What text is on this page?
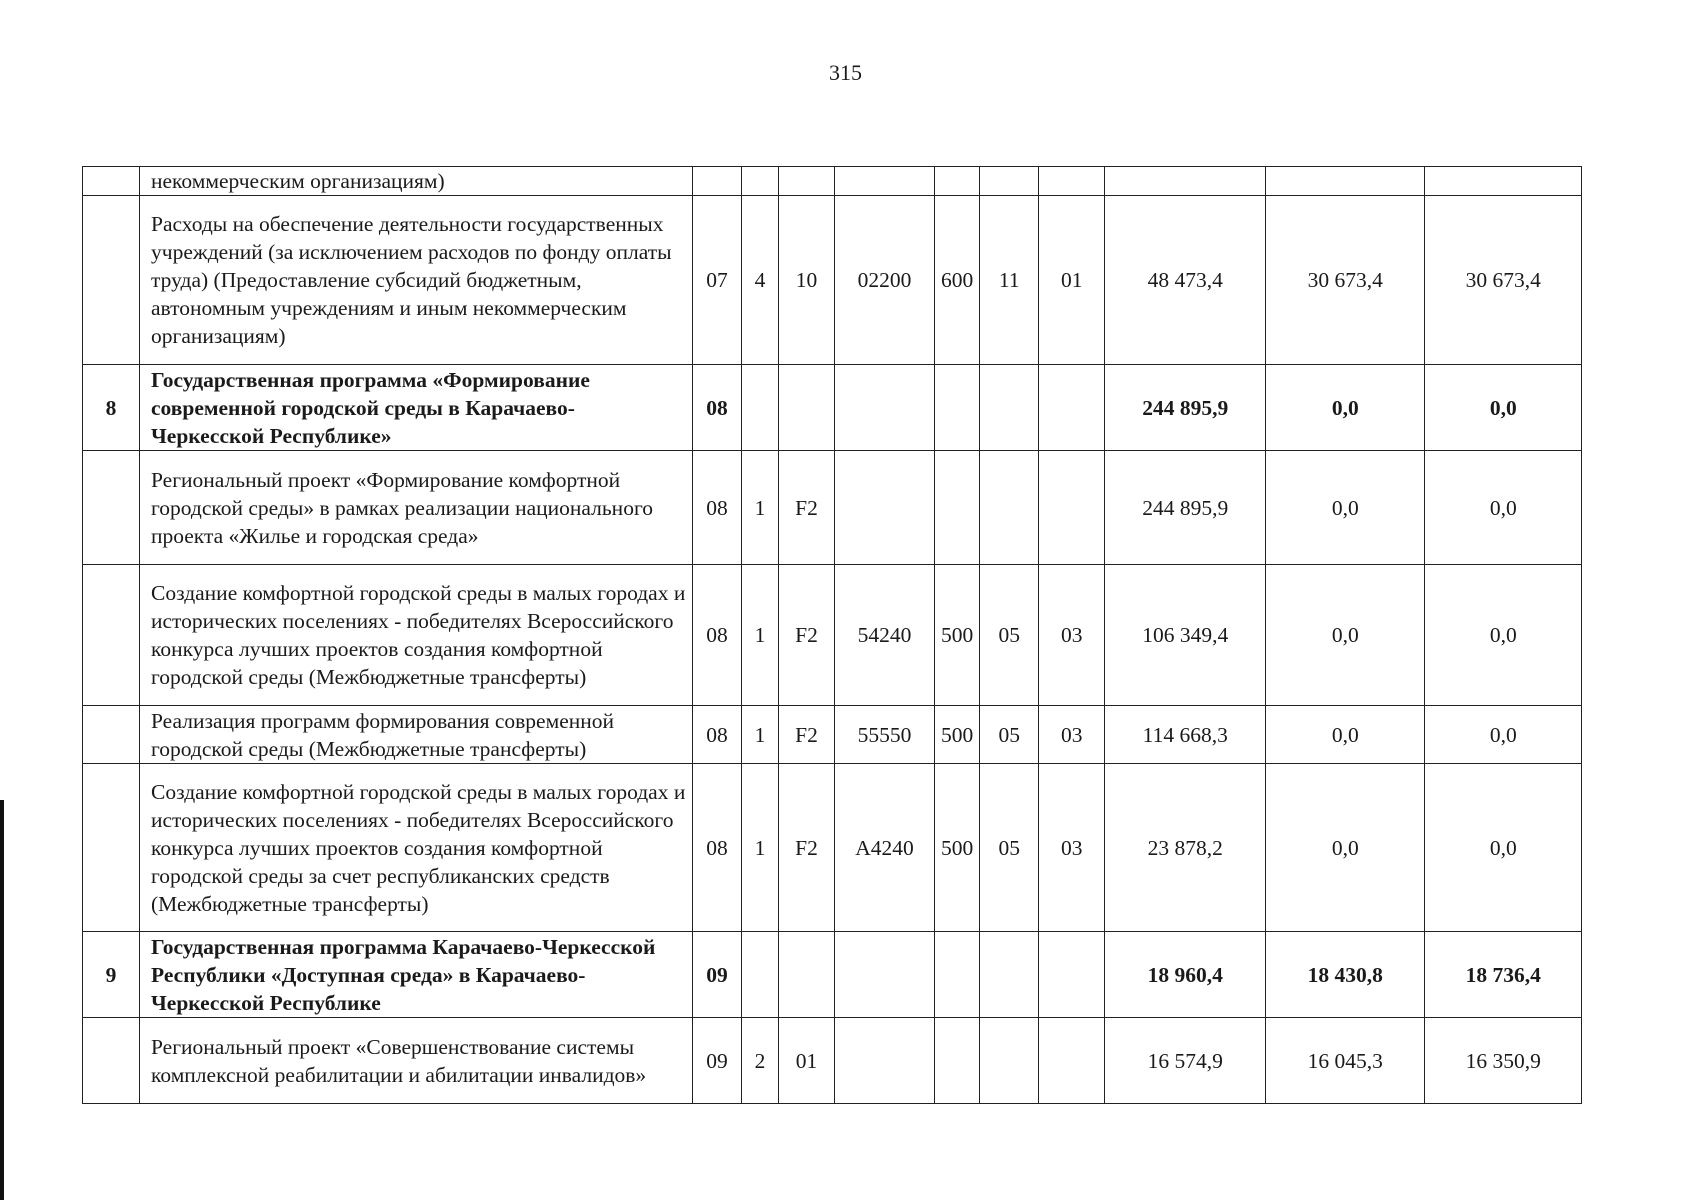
315
	некоммерческим организациям)										
	Расходы на обеспечение деятельности государственных учреждений (за исключением расходов по фонду оплаты труда) (Предоставление субсидий бюджетным, автономным учреждениям и иным некоммерческим организациям)	07	4	10	02200	600	11	01	48 473,4	30 673,4	30 673,4
8	Государственная программа «Формирование современной городской среды в Карачаево-Черкесской Республике»	08							244 895,9	0,0	0,0
	Региональный проект «Формирование комфортной городской среды» в рамках реализации национального проекта «Жилье и городская среда»	08	1	F2					244 895,9	0,0	0,0
	Создание комфортной городской среды в малых городах и исторических поселениях - победителях Всероссийского конкурса лучших проектов создания комфортной городской среды (Межбюджетные трансферты)	08	1	F2	54240	500	05	03	106 349,4	0,0	0,0
	Реализация программ формирования современной городской среды (Межбюджетные трансферты)	08	1	F2	55550	500	05	03	114 668,3	0,0	0,0
	Создание комфортной городской среды в малых городах и исторических поселениях - победителях Всероссийского конкурса лучших проектов создания комфортной городской среды за счет республиканских средств (Межбюджетные трансферты)	08	1	F2	А4240	500	05	03	23 878,2	0,0	0,0
9	Государственная программа Карачаево-Черкесской Республики «Доступная среда» в Карачаево-Черкесской Республике	09							18 960,4	18 430,8	18 736,4
	Региональный проект «Совершенствование системы комплексной реабилитации и абилитации инвалидов»	09	2	01					16 574,9	16 045,3	16 350,9
